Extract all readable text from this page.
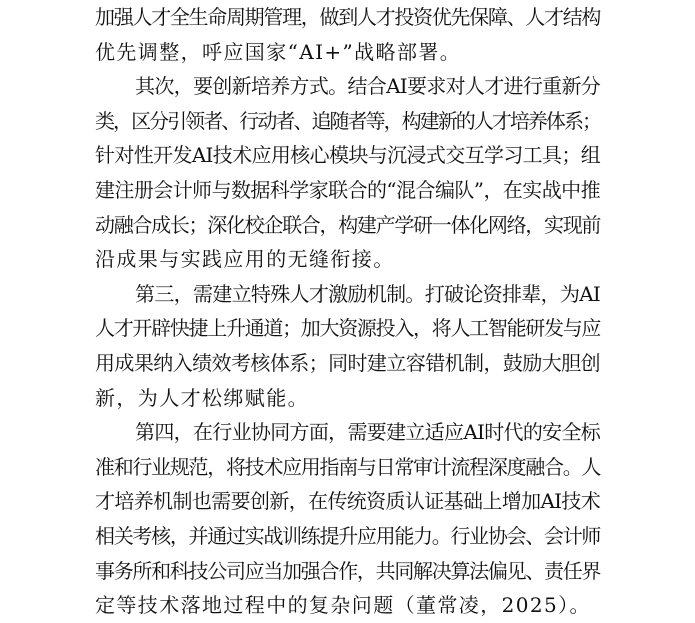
加强人才全生命周期管理，做到人才投资优先保障、人才结构
优先调整，呼应国家“AI+”战略部署。
其次，要创新培养方式。结合AI要求对人才进行重新分
类，区分引领者、行动者、追随者等，构建新的人才培养体系；
针对性开发AI技术应用核心模块与沉浸式交互学习工具；组
建注册会计师与数据科学家联合的“混合编队”，在实战中推
动融合成长；深化校企联合，构建产学研一体化网络，实现前
沿成果与实践应用的无缝衔接。
第三，需建立特殊人才激励机制。打破论资排辈，为AI
人才开辟快捷上升通道；加大资源投入，将人工智能研发与应
用成果纳入绩效考核体系；同时建立容错机制，鼓励大胆创
新，为人才松绑赋能。
第四，在行业协同方面，需要建立适应AI时代的安全标
准和行业规范，将技术应用指南与日常审计流程深度融合。人
才培养机制也需要创新，在传统资质认证基础上增加AI技术
相关考核，并通过实战训练提升应用能力。行业协会、会计师
事务所和科技公司应当加强合作，共同解决算法偏见、责任界
定等技术落地过程中的复杂问题（董常凌，2025）。
